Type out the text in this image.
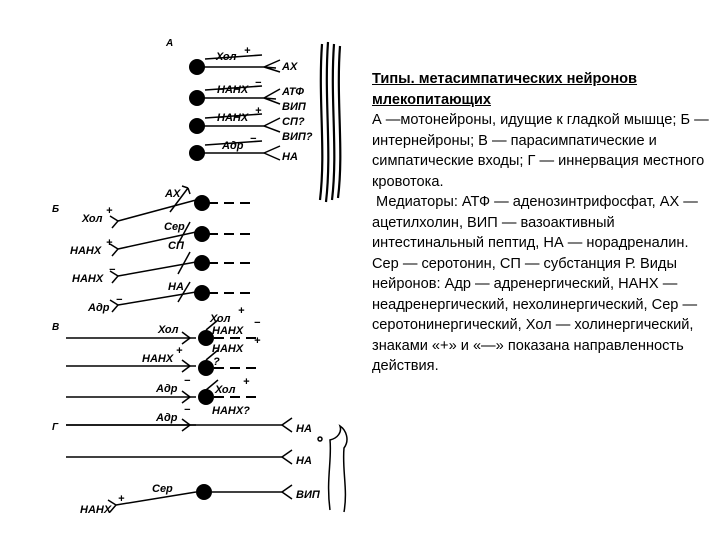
А
Б
В
Г
Хол +
НАНХ
−
НАНХ
+
Адр
−
АХ
АТФ
ВИП
СП?
ВИП?
НА
Хол
+
НАНХ
+
НАНХ
−
Адр
−
АХ
Сер
СП
НА
Хол
НАНХ
+
Адр
−
Адр
−
Хол
+
НАНХ
−
НАНХ
+
?
Хол
+
НАНХ?
НА
НА
ВИП
Сер
НАНХ
+
Типы. метасимпатических нейронов млекопитающих

А —мотонейроны, идущие к гладкой мышце; Б — интернейроны; В — парасимпатические и симпатические входы; Г — иннервация местного кровотока.

Медиаторы: АТФ — аденозинтрифосфат, АХ — ацетилхолин, ВИП — вазоактивный интестинальный пептид, НА — норадреналин. Сер — серотонин, СП — субстанция Р. Виды нейронов: Адр — адренергический, НАНХ — неадренергический, нехолинергический, Сер — серотонинергический, Хол — холинергический, знаками «+» и «—» показана направленность действия.
